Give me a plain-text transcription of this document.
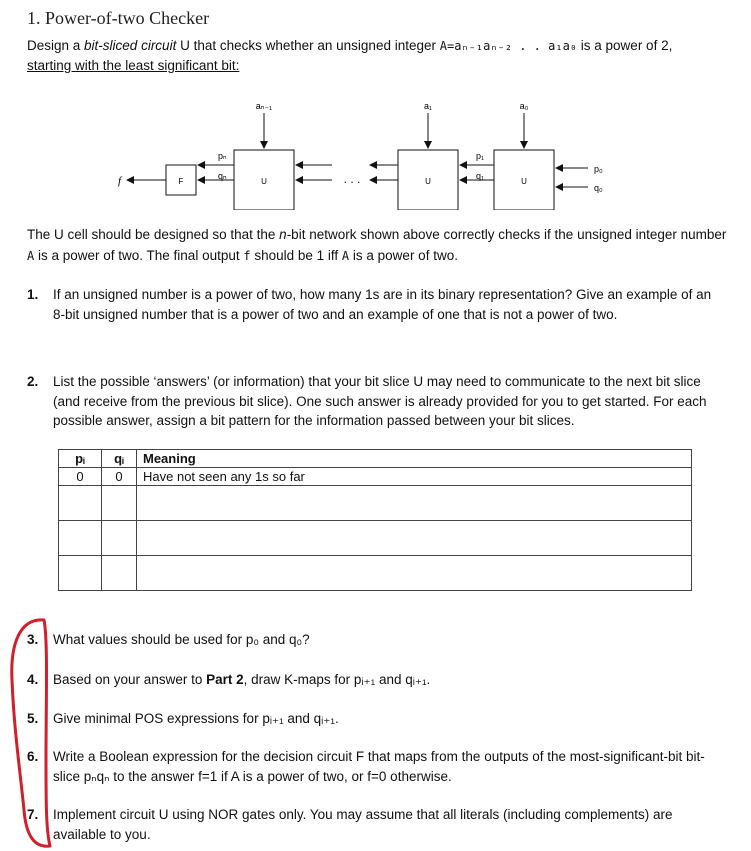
1. Power-of-two Checker
Design a bit-sliced circuit U that checks whether an unsigned integer A=aₙ₋₁aₙ₋₂ . . a₁a₀ is a power of 2,
starting with the least significant bit:
F
f	U
aₙ₋₁
pₙ
qₙ	. . .	U
a₁
p₁
q₁
U
a₀
p₀
q₀
The U cell should be designed so that the n-bit network shown above correctly checks if the unsigned integer number A is a power of two. The final output f should be 1 iff A is a power of two.
1. If an unsigned number is a power of two, how many 1s are in its binary representation? Give an example of an 8-bit unsigned number that is a power of two and an example of one that is not a power of two.
2. List the possible ‘answers’ (or information) that your bit slice U may need to communicate to the next bit slice (and receive from the previous bit slice). One such answer is already provided for you to get started. For each possible answer, assign a bit pattern for the information passed between your bit slices.
pᵢ	qᵢ	Meaning
0	0	Have not seen any 1s so far

3. What values should be used for p₀ and q₀?
4. Based on your answer to Part 2, draw K-maps for pᵢ₊₁ and qᵢ₊₁.
5. Give minimal POS expressions for pᵢ₊₁ and qᵢ₊₁.
6. Write a Boolean expression for the decision circuit F that maps from the outputs of the most-significant-bit bit-slice pₙqₙ to the answer f=1 if A is a power of two, or f=0 otherwise.
7. Implement circuit U using NOR gates only. You may assume that all literals (including complements) are available to you.
